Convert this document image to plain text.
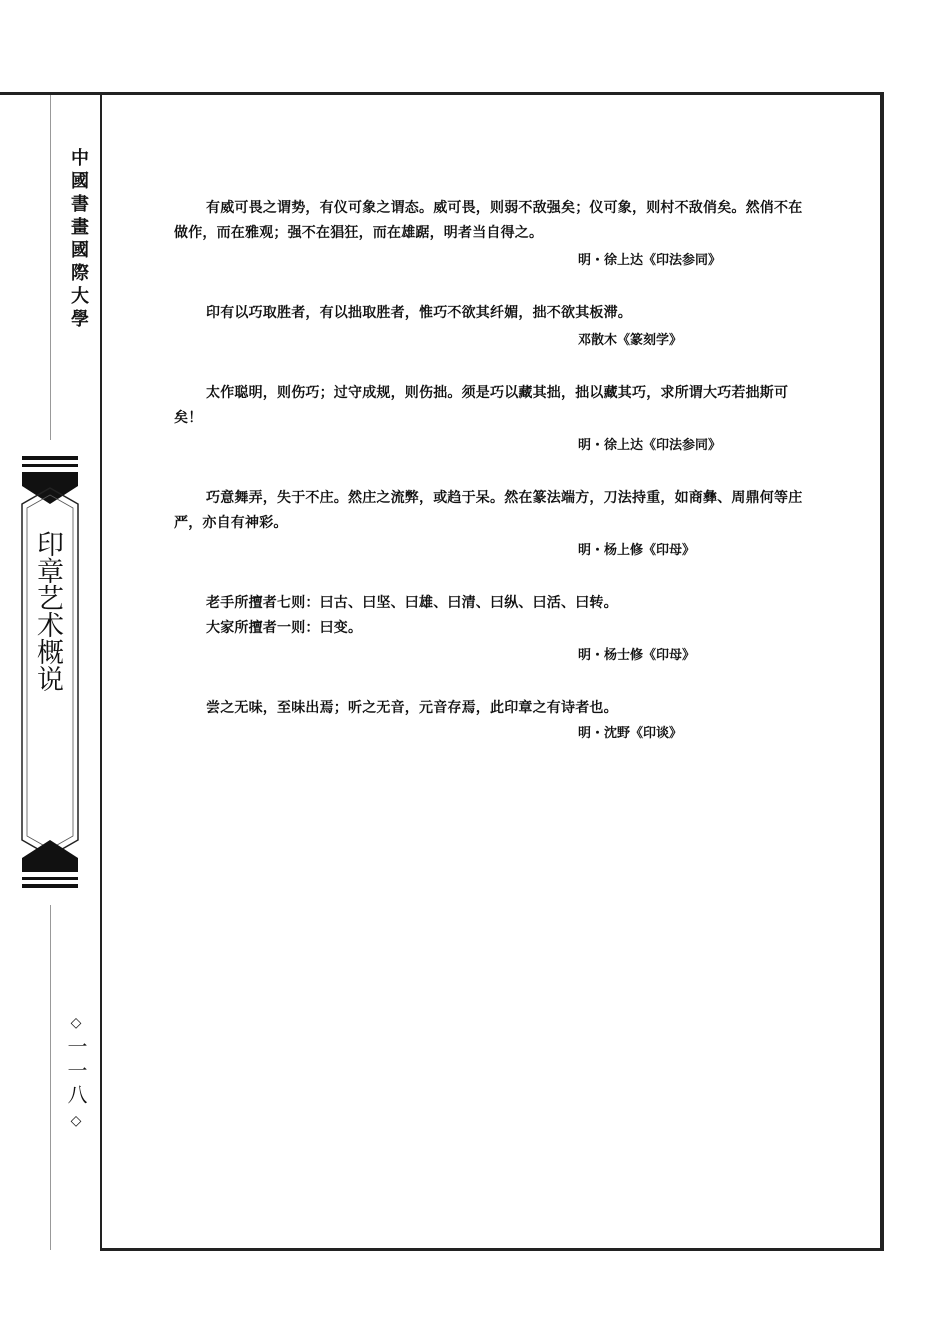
中國書畫國際大學
印章艺术概说
◇
一一八
◇

有威可畏之谓势，有仪可象之谓态。威可畏，则弱不敌强矣；仪可象，则村不敌俏矣。然俏不在做作，而在雅观；强不在猖狂，而在雄踞，明者当自得之。

明・徐上达《印法参同》

印有以巧取胜者，有以拙取胜者，惟巧不欲其纤媚，拙不欲其板滞。

邓散木《篆刻学》

太作聪明，则伤巧；过守成规，则伤拙。须是巧以藏其拙，拙以藏其巧，求所谓大巧若拙斯可矣！

明・徐上达《印法参同》

巧意舞弄，失于不庄。然庄之流弊，或趋于呆。然在篆法端方，刀法持重，如商彝、周鼎何等庄严，亦自有神彩。

明・杨上修《印母》

老手所擅者七则：曰古、曰坚、曰雄、曰清、曰纵、曰活、曰转。

大家所擅者一则：曰变。

明・杨士修《印母》

尝之无味，至味出焉；听之无音，元音存焉，此印章之有诗者也。

明・沈野《印谈》
